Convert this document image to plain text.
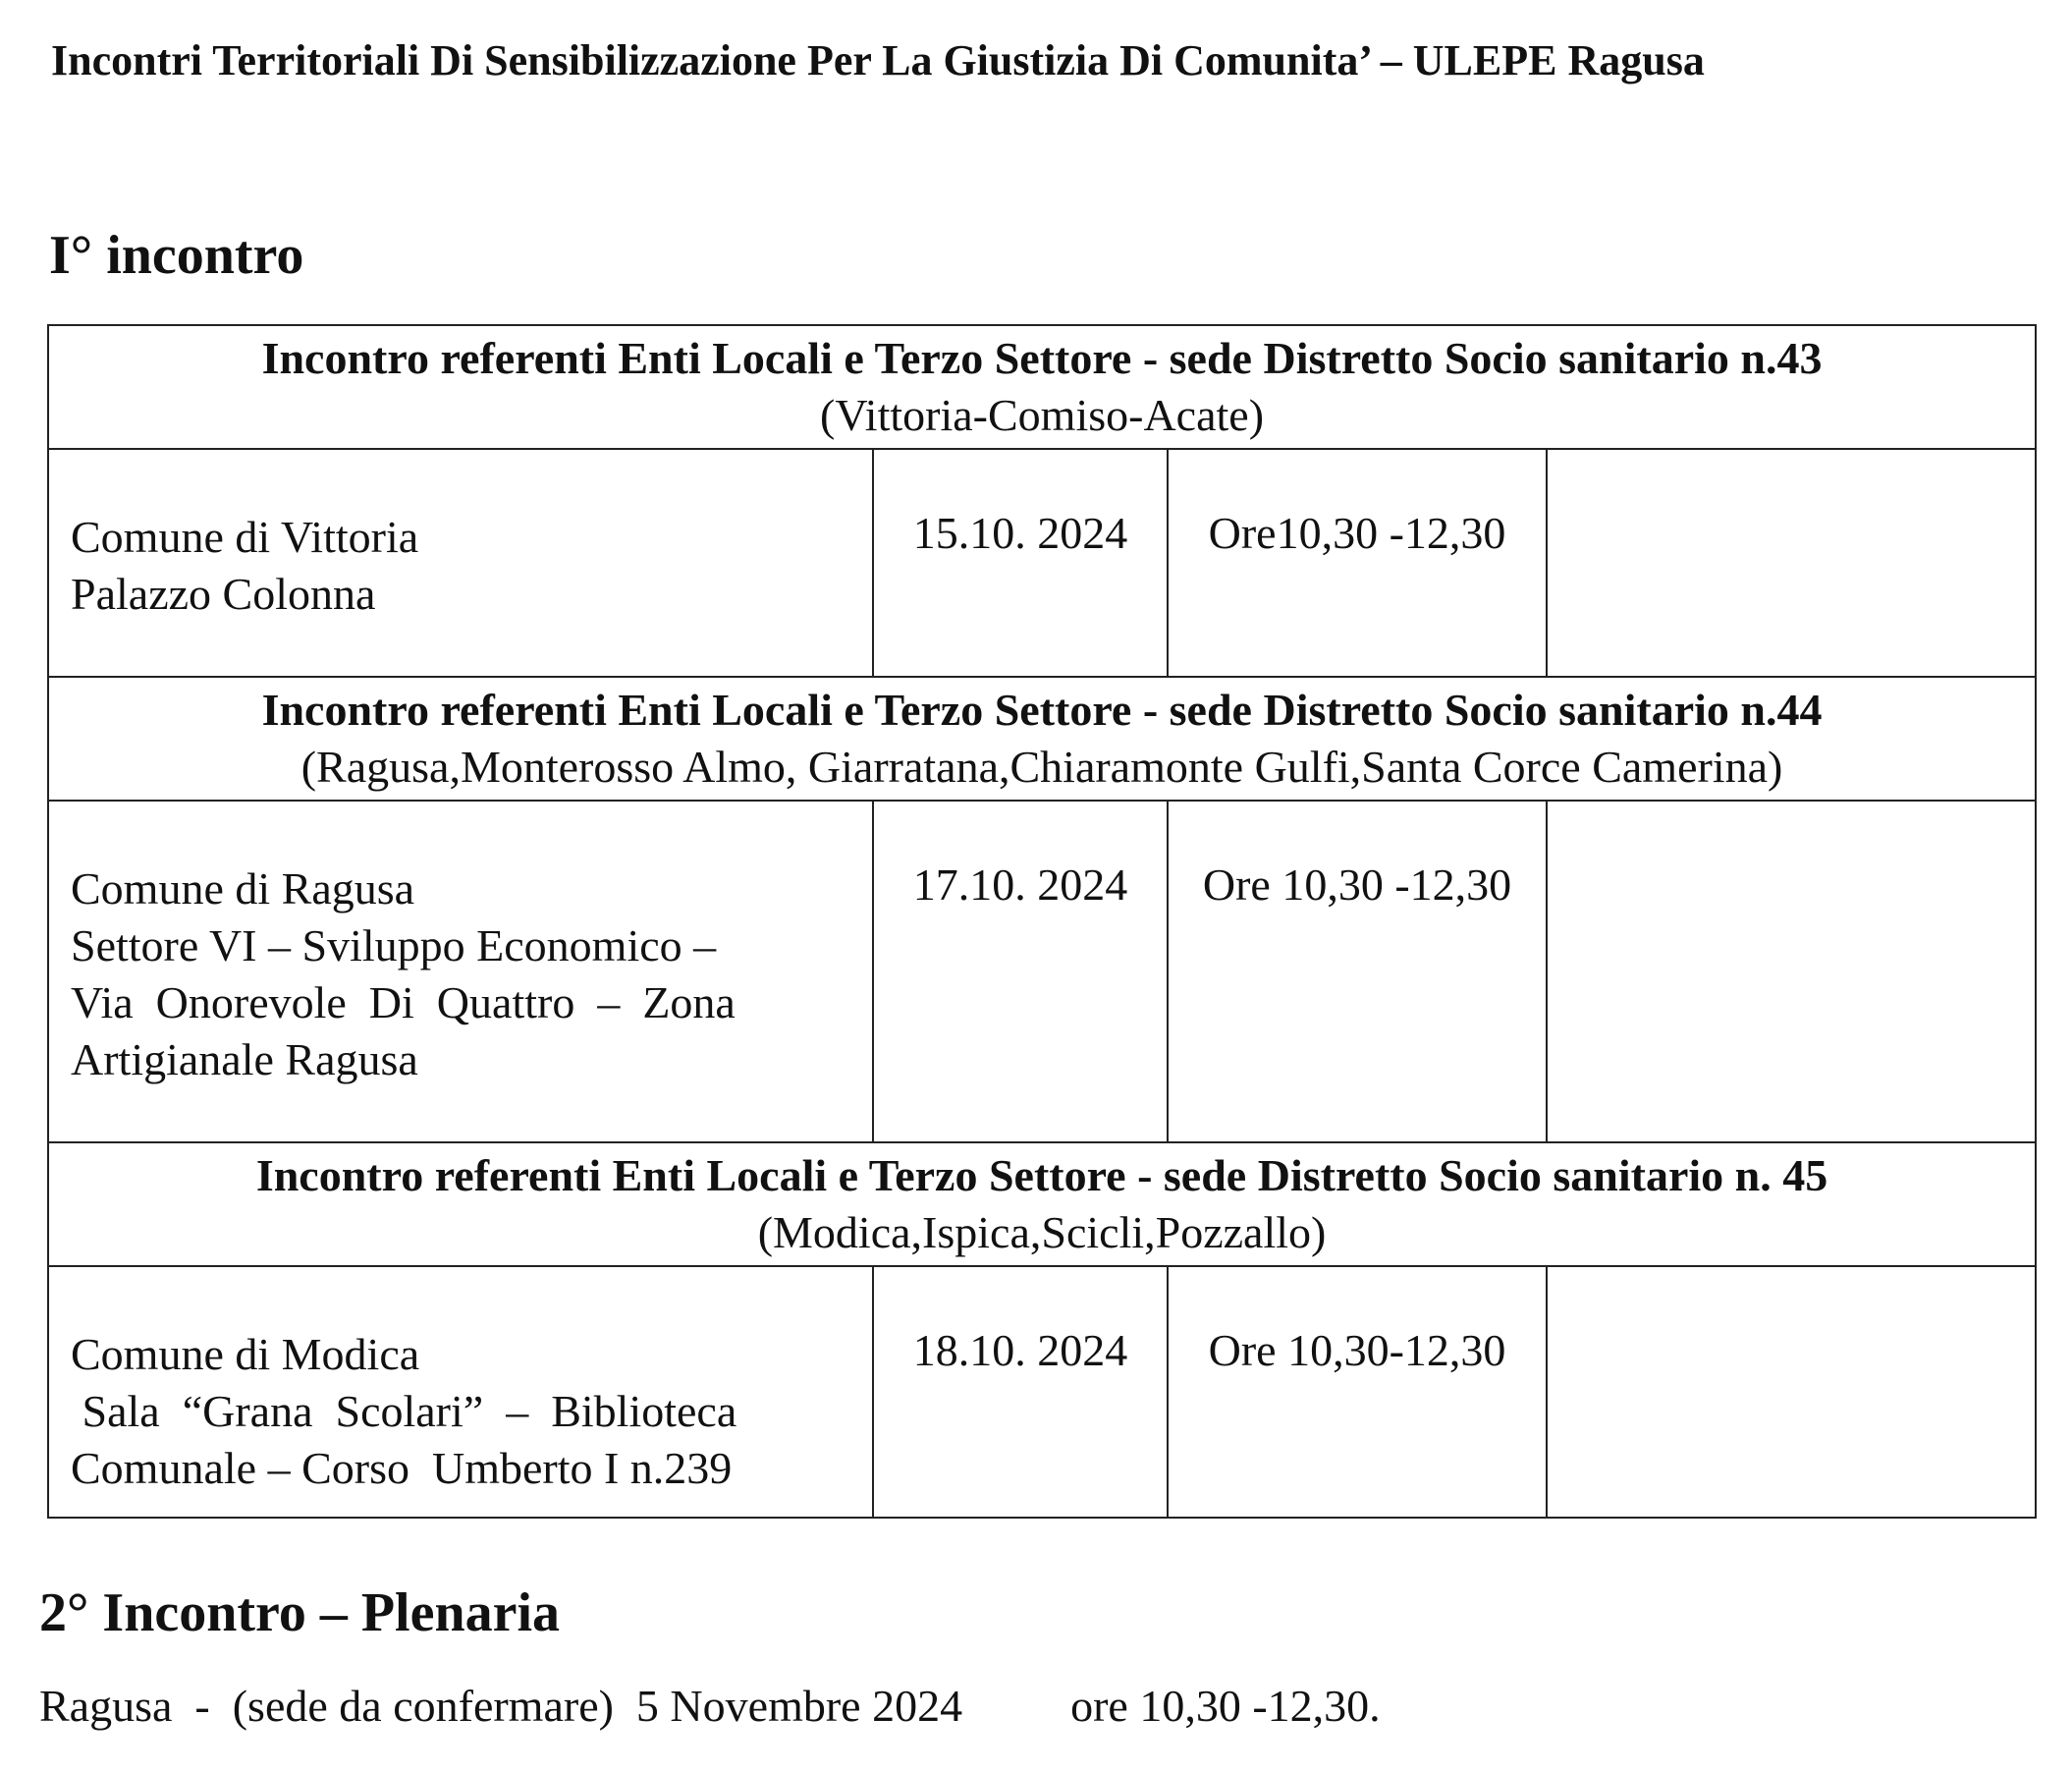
Incontri Territoriali Di Sensibilizzazione Per La Giustizia Di Comunita’ – ULEPE Ragusa
I° incontro
Incontro referenti Enti Locali e Terzo Settore - sede Distretto Socio sanitario n.43
(Vittoria-Comiso-Acate)			

Comune di Vittoria
Palazzo Colonna	15.10. 2024	Ore10,30 -12,30	

Incontro referenti Enti Locali e Terzo Settore - sede Distretto Socio sanitario n.44
(Ragusa,Monterosso Almo, Giarratana,Chiaramonte Gulfi,Santa Corce Camerina)			

Comune di Ragusa
Settore VI – Sviluppo Economico –
Via  Onorevole  Di  Quattro  –  Zona
Artigianale Ragusa	17.10. 2024	Ore 10,30 -12,30	

Incontro referenti Enti Locali e Terzo Settore - sede Distretto Socio sanitario n. 45
(Modica,Ispica,Scicli,Pozzallo)			

Comune di Modica
Sala  “Grana  Scolari”  –  Biblioteca
Comunale – Corso  Umberto I n.239	18.10. 2024	Ore 10,30-12,30	
2° Incontro – Plenaria
Ragusa  -  (sede da confermare)  5 Novembre 2024 ore 10,30 -12,30.
